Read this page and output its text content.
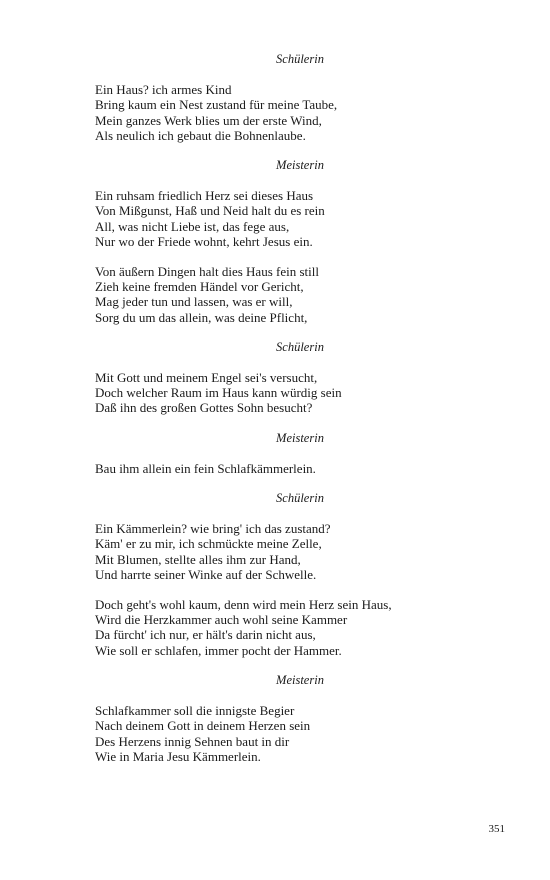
Schülerin

Ein Haus? ich armes Kind
Bring kaum ein Nest zustand für meine Taube,
Mein ganzes Werk blies um der erste Wind,
Als neulich ich gebaut die Bohnenlaube.

Meisterin

Ein ruhsam friedlich Herz sei dieses Haus
Von Mißgunst, Haß und Neid halt du es rein
All, was nicht Liebe ist, das fege aus,
Nur wo der Friede wohnt, kehrt Jesus ein.
Von äußern Dingen halt dies Haus fein still
Zieh keine fremden Händel vor Gericht,
Mag jeder tun und lassen, was er will,
Sorg du um das allein, was deine Pflicht,

Schülerin

Mit Gott und meinem Engel sei's versucht,
Doch welcher Raum im Haus kann würdig sein
Daß ihn des großen Gottes Sohn besucht?

Meisterin

Bau ihm allein ein fein Schlafkämmerlein.

Schülerin

Ein Kämmerlein? wie bring' ich das zustand?
Käm' er zu mir, ich schmückte meine Zelle,
Mit Blumen, stellte alles ihm zur Hand,
Und harrte seiner Winke auf der Schwelle.
Doch geht's wohl kaum, denn wird mein Herz sein Haus,
Wird die Herzkammer auch wohl seine Kammer
Da fürcht' ich nur, er hält's darin nicht aus,
Wie soll er schlafen, immer pocht der Hammer.

Meisterin

Schlafkammer soll die innigste Begier
Nach deinem Gott in deinem Herzen sein
Des Herzens innig Sehnen baut in dir
Wie in Maria Jesu Kämmerlein.
351
